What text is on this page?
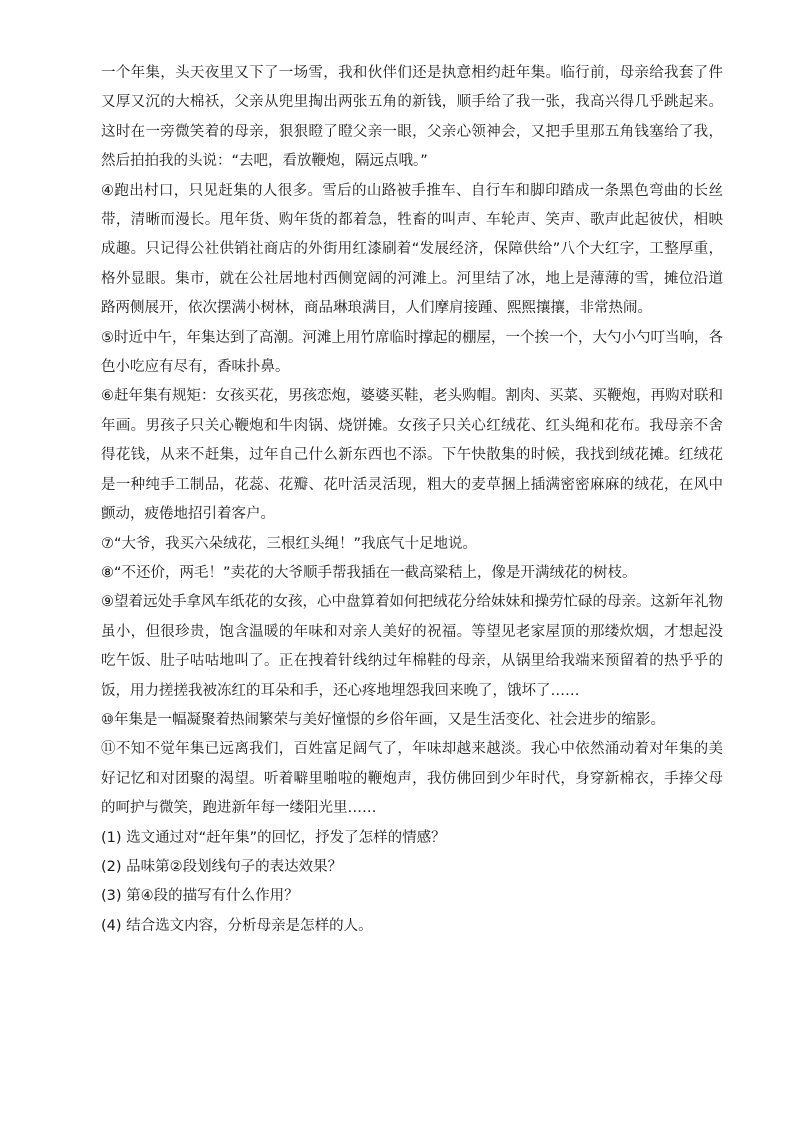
一个年集，头天夜里又下了一场雪，我和伙伴们还是执意相约赶年集。临行前，母亲给我套了件又厚又沉的大棉袄，父亲从兜里掏出两张五角的新钱，顺手给了我一张，我高兴得几乎跳起来。这时在一旁微笑着的母亲，狠狠瞪了瞪父亲一眼，父亲心领神会，又把手里那五角钱塞给了我，然后拍拍我的头说：“去吧，看放鞭炮，隔远点哦。”

④跑出村口，只见赶集的人很多。雪后的山路被手推车、自行车和脚印踏成一条黑色弯曲的长丝带，清晰而漫长。甩年货、购年货的都着急，牲畜的叫声、车轮声、笑声、歌声此起彼伏，相映成趣。只记得公社供销社商店的外街用红漆刷着“发展经济，保障供给”八个大红字，工整厚重，格外显眼。集市，就在公社居地村西侧宽阔的河滩上。河里结了冰，地上是薄薄的雪，摊位沿道路两侧展开，依次摆满小树林，商品琳琅满目，人们摩肩接踵、熙熙攘攘，非常热闹。

⑤时近中午，年集达到了高潮。河滩上用竹席临时撑起的棚屋，一个挨一个，大勺小勺叮当响，各色小吃应有尽有，香味扑鼻。

⑥赶年集有规矩：女孩买花，男孩恋炮，婆婆买鞋，老头购帽。割肉、买菜、买鞭炮，再购对联和年画。男孩子只关心鞭炮和牛肉锅、烧饼摊。女孩子只关心红绒花、红头绳和花布。我母亲不舍得花钱，从来不赶集，过年自己什么新东西也不添。下午快散集的时候，我找到绒花摊。红绒花是一种纯手工制品，花蕊、花瓣、花叶活灵活现，粗大的麦草捆上插满密密麻麻的绒花，在风中颤动，疲倦地招引着客户。

⑦“大爷，我买六朵绒花，三根红头绳！”我底气十足地说。

⑧“不还价，两毛！”卖花的大爷顺手帮我插在一截高粱秸上，像是开满绒花的树枝。

⑨望着远处手拿风车纸花的女孩，心中盘算着如何把绒花分给妹妹和操劳忙碌的母亲。这新年礼物虽小，但很珍贵，饱含温暖的年味和对亲人美好的祝福。等望见老家屋顶的那缕炊烟，才想起没吃午饭、肚子咕咕地叫了。正在拽着针线纳过年棉鞋的母亲，从锅里给我端来预留着的热乎乎的饭，用力搓搓我被冻红的耳朵和手，还心疼地埋怨我回来晚了，饿坏了……

⑩年集是一幅凝聚着热闹繁荣与美好憧憬的乡俗年画，又是生活变化、社会进步的缩影。

⑪不知不觉年集已远离我们，百姓富足阔气了，年味却越来越淡。我心中依然涌动着对年集的美好记忆和对团聚的渴望。听着噼里啪啦的鞭炮声，我仿佛回到少年时代，身穿新棉衣，手捧父母的呵护与微笑，跑进新年每一缕阳光里……

(1) 选文通过对“赶年集”的回忆，抒发了怎样的情感？

(2) 品味第②段划线句子的表达效果？

(3) 第④段的描写有什么作用？

(4) 结合选文内容，分析母亲是怎样的人。
